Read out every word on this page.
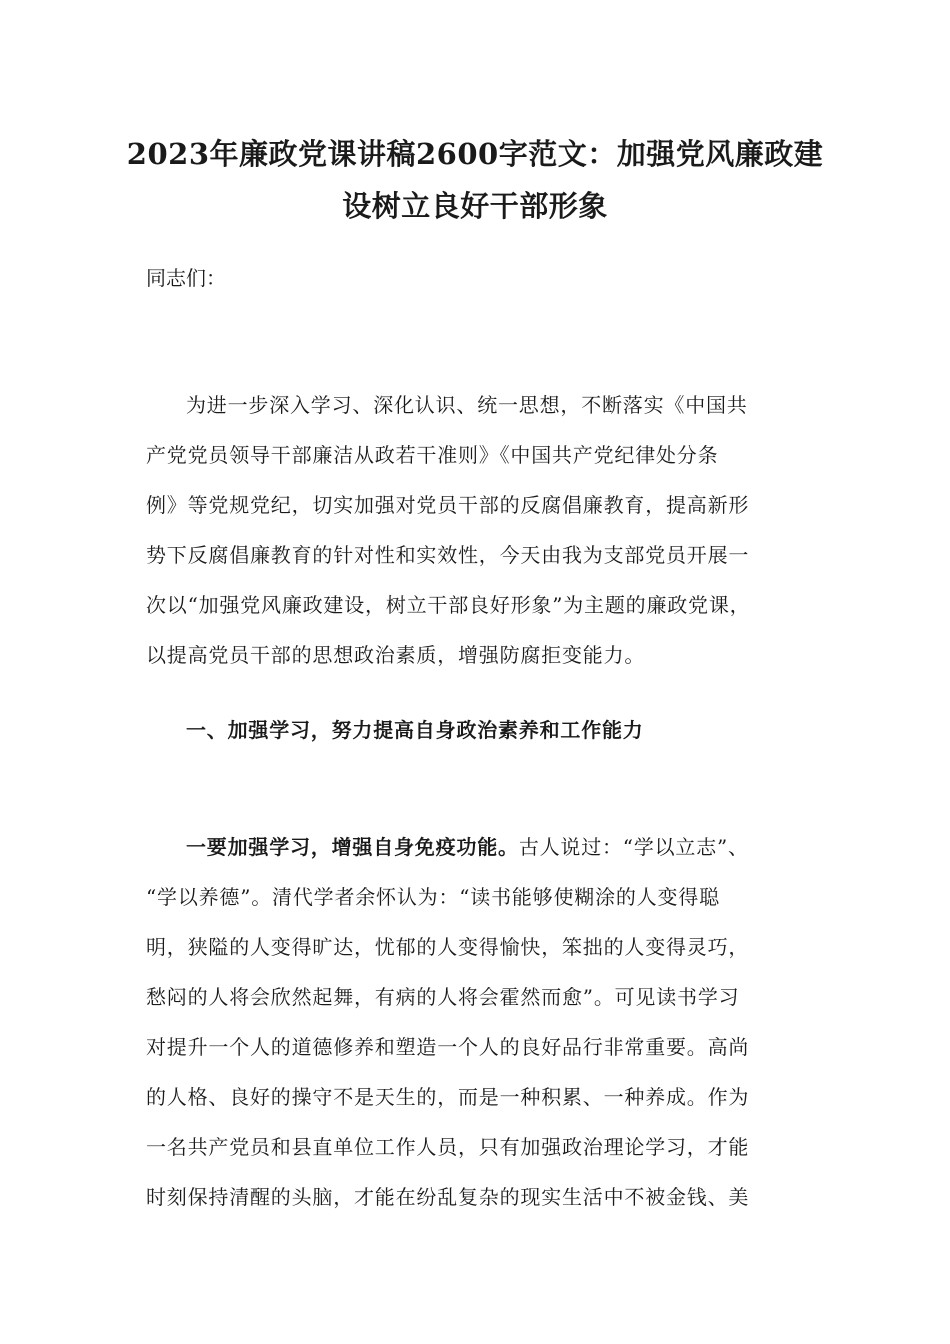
2023年廉政党课讲稿2600字范文：加强党风廉政建
设树立良好干部形象
同志们：
为进一步深入学习、深化认识、统一思想，不断落实《中国共
产党党员领导干部廉洁从政若干准则》《中国共产党纪律处分条
例》等党规党纪，切实加强对党员干部的反腐倡廉教育，提高新形
势下反腐倡廉教育的针对性和实效性，今天由我为支部党员开展一
次以“加强党风廉政建设，树立干部良好形象”为主题的廉政党课，
以提高党员干部的思想政治素质，增强防腐拒变能力。
一、加强学习，努力提高自身政治素养和工作能力
一要加强学习，增强自身免疫功能。古人说过：“学以立志”、
“学以养德”。清代学者余怀认为：“读书能够使糊涂的人变得聪
明，狭隘的人变得旷达，忧郁的人变得愉快，笨拙的人变得灵巧，
愁闷的人将会欣然起舞，有病的人将会霍然而愈”。可见读书学习
对提升一个人的道德修养和塑造一个人的良好品行非常重要。高尚
的人格、良好的操守不是天生的，而是一种积累、一种养成。作为
一名共产党员和县直单位工作人员，只有加强政治理论学习，才能
时刻保持清醒的头脑，才能在纷乱复杂的现实生活中不被金钱、美
